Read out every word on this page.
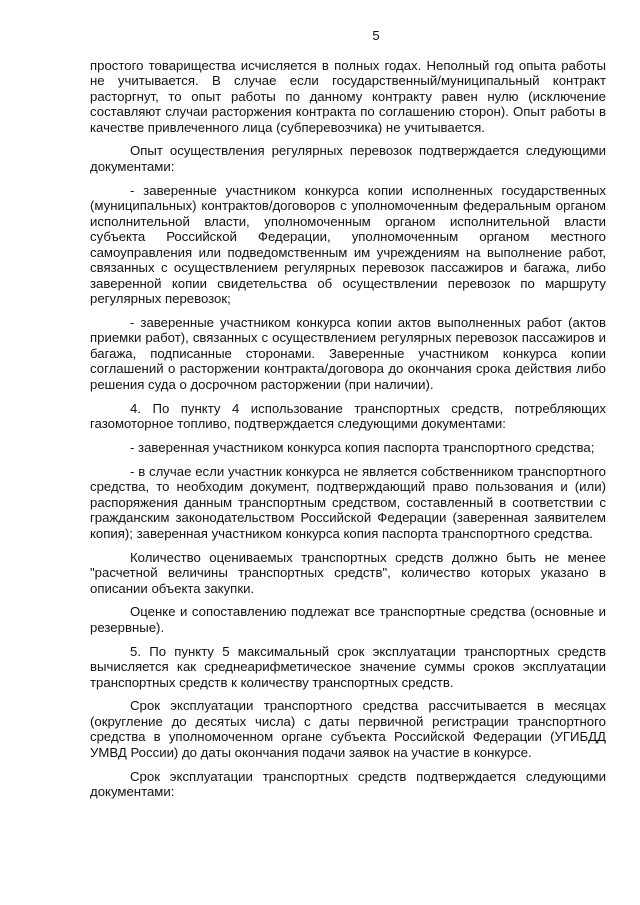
5

простого товарищества исчисляется в полных годах. Неполный год опыта работы не учитывается. В случае если государственный/муниципальный контракт расторгнут, то опыт работы по данному контракту равен нулю (исключение составляют случаи расторжения контракта по соглашению сторон). Опыт работы в качестве привлеченного лица (субперевозчика) не учитывается.

Опыт осуществления регулярных перевозок подтверждается следующими документами:

- заверенные участником конкурса копии исполненных государственных (муниципальных) контрактов/договоров с уполномоченным федеральным органом исполнительной власти, уполномоченным органом исполнительной власти субъекта Российской Федерации, уполномоченным органом местного самоуправления или подведомственным им учреждениям на выполнение работ, связанных с осуществлением регулярных перевозок пассажиров и багажа, либо заверенной копии свидетельства об осуществлении перевозок по маршруту регулярных перевозок;

- заверенные участником конкурса копии актов выполненных работ (актов приемки работ), связанных с осуществлением регулярных перевозок пассажиров и багажа, подписанные сторонами. Заверенные участником конкурса копии соглашений о расторжении контракта/договора до окончания срока действия либо решения суда о досрочном расторжении (при наличии).

4. По пункту 4 использование транспортных средств, потребляющих газомоторное топливо, подтверждается следующими документами:

- заверенная участником конкурса копия паспорта транспортного средства;

- в случае если участник конкурса не является собственником транспортного средства, то необходим документ, подтверждающий право пользования и (или) распоряжения данным транспортным средством, составленный в соответствии с гражданским законодательством Российской Федерации (заверенная заявителем копия); заверенная участником конкурса копия паспорта транспортного средства.

Количество оцениваемых транспортных средств должно быть не менее "расчетной величины транспортных средств", количество которых указано в описании объекта закупки.

Оценке и сопоставлению подлежат все транспортные средства (основные и резервные).

5. По пункту 5 максимальный срок эксплуатации транспортных средств вычисляется как среднеарифметическое значение суммы сроков эксплуатации транспортных средств к количеству транспортных средств.

Срок эксплуатации транспортного средства рассчитывается в месяцах (округление до десятых числа) с даты первичной регистрации транспортного средства в уполномоченном органе субъекта Российской Федерации (УГИБДД УМВД России) до даты окончания подачи заявок на участие в конкурсе.

Срок эксплуатации транспортных средств подтверждается следующими документами:
